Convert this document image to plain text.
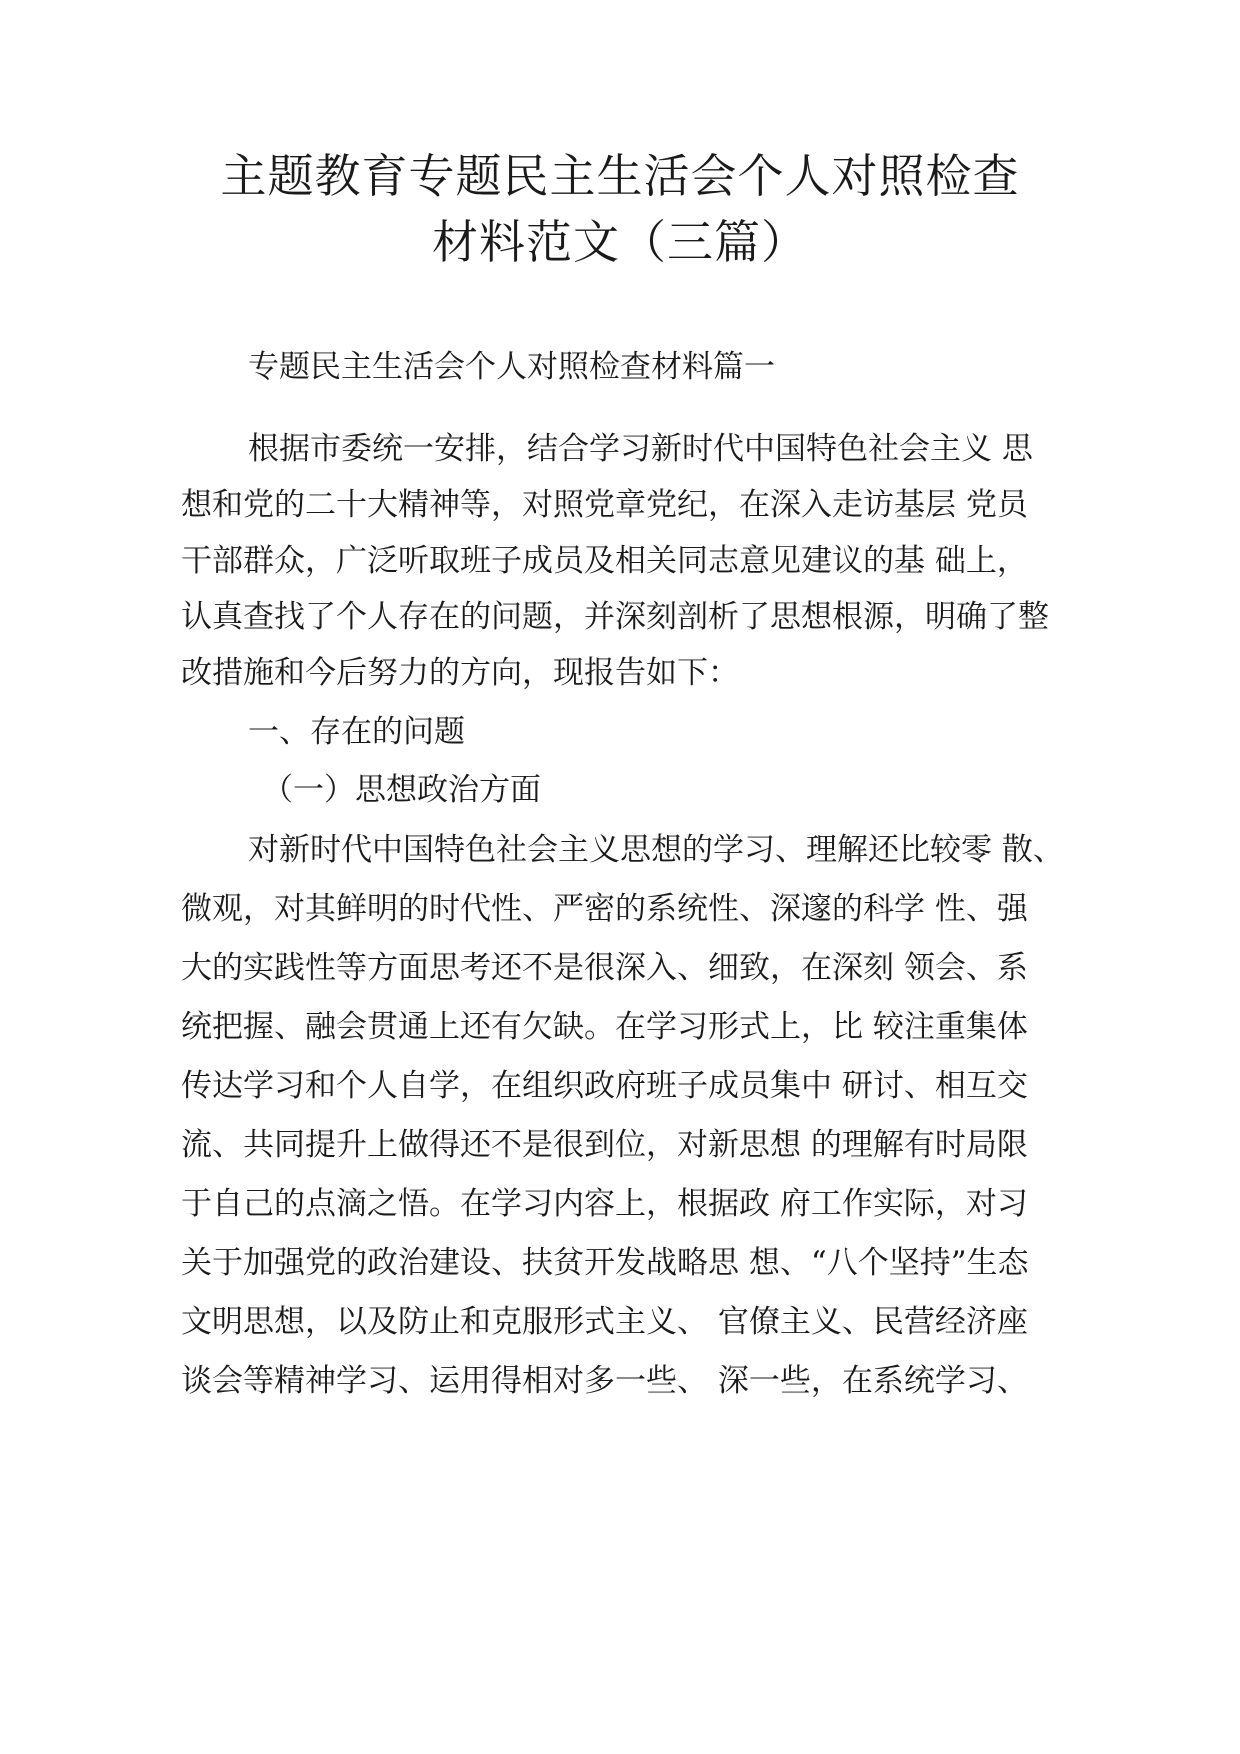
主题教育专题民主生活会个人对照检查
材料范文（三篇）
专题民主生活会个人对照检查材料篇一

根据市委统一安排，结合学习新时代中国特色社会主义 思

想和党的二十大精神等，对照党章党纪，在深入走访基层 党员

干部群众，广泛听取班子成员及相关同志意见建议的基 础上，

认真查找了个人存在的问题，并深刻剖析了思想根源，明确了整

改措施和今后努力的方向，现报告如下：

一、存在的问题

（一）思想政治方面

对新时代中国特色社会主义思想的学习、理解还比较零 散、

微观，对其鲜明的时代性、严密的系统性、深邃的科学 性、强

大的实践性等方面思考还不是很深入、细致，在深刻 领会、系

统把握、融会贯通上还有欠缺。在学习形式上，比 较注重集体

传达学习和个人自学，在组织政府班子成员集中 研讨、相互交

流、共同提升上做得还不是很到位，对新思想 的理解有时局限

于自己的点滴之悟。在学习内容上，根据政 府工作实际，对习

关于加强党的政治建设、扶贫开发战略思 想、“八个坚持”生态

文明思想，以及防止和克服形式主义、 官僚主义、民营经济座

谈会等精神学习、运用得相对多一些、 深一些，在系统学习、
